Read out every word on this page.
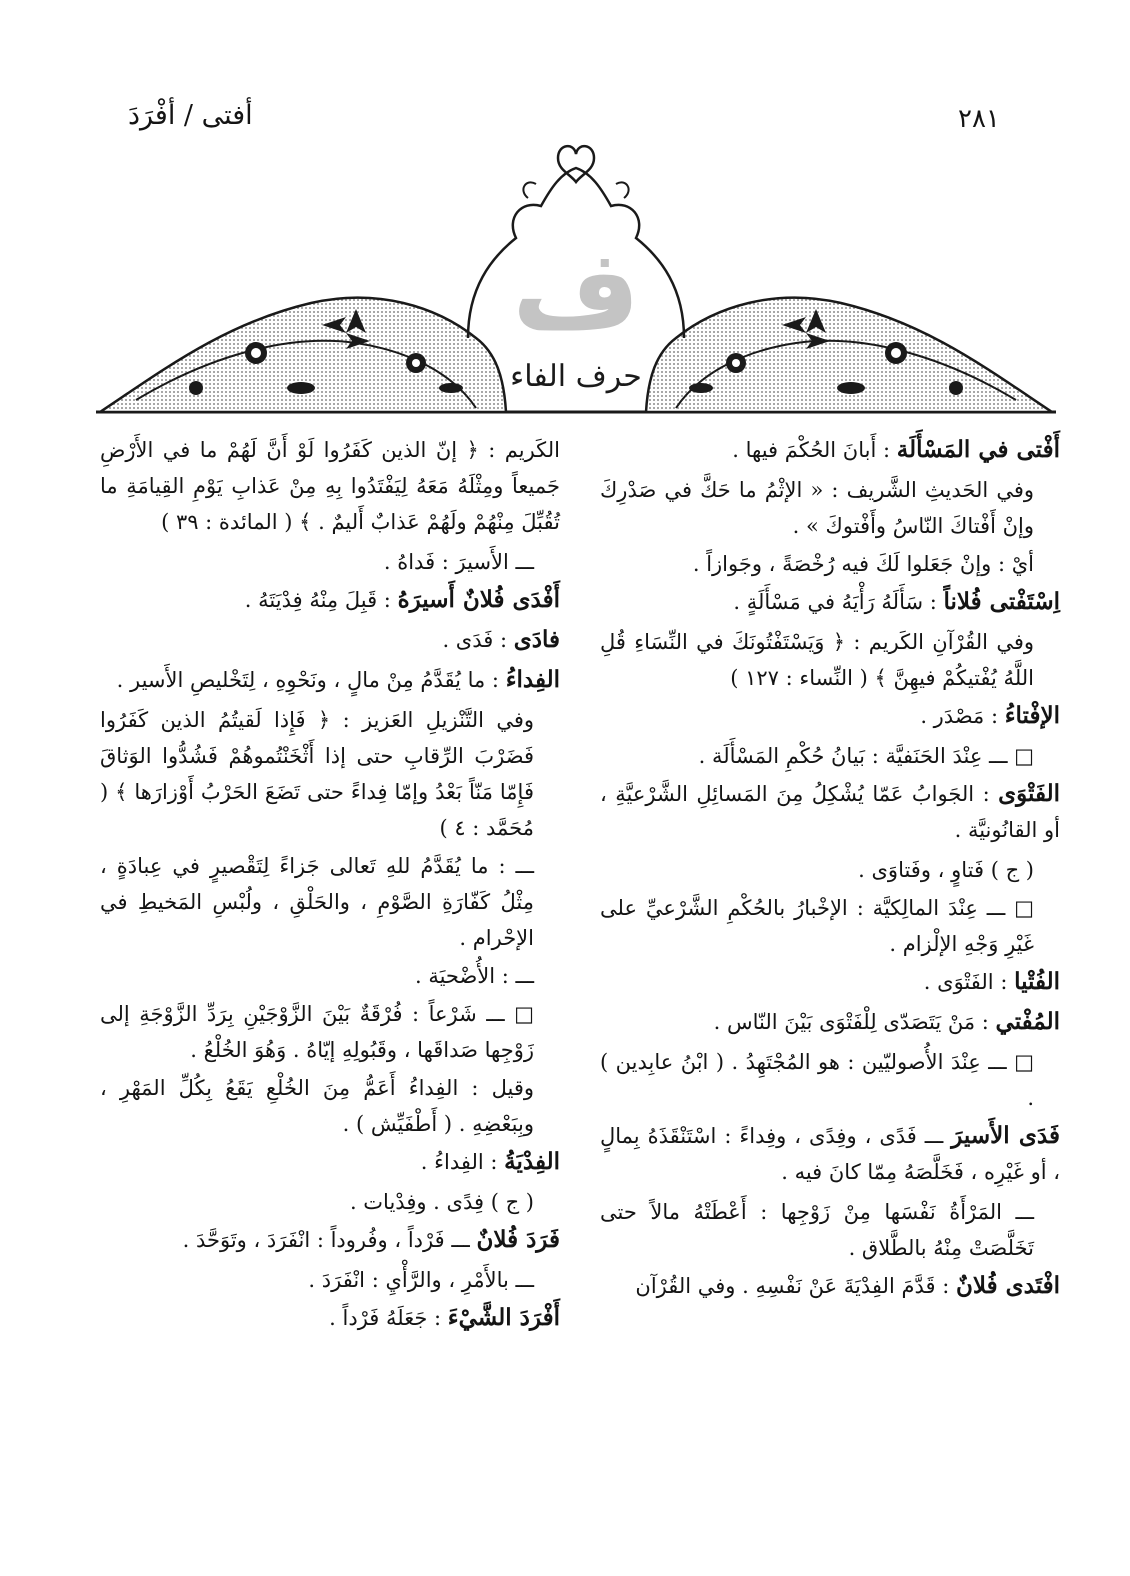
٢٨١
أفتى / أفْرَدَ
ف
حرف الفاء
أَفْتى في المَسْأَلَة : أَبانَ الحُكْمَ فيها .
وفي الحَديثِ الشَّريف : « الإثْمُ ما حَكَّ في صَدْرِكَ وإنْ أَفْتاكَ النّاسُ وأَفْتوكَ » .
أيْ : وإنْ جَعَلوا لَكَ فيه رُخْصَةً ، وجَوازاً .
اِسْتَفْتى فُلاناً : سَأَلَهُ رَأْيَهُ في مَسْأَلَةٍ .
وفي القُرْآنِ الكَريم : ﴿ وَيَسْتَفْتُونَكَ في النِّسَاءِ قُلِ اللَّهُ يُفْتيكُمْ فيهِنَّ ﴾ ( النِّساء : ١٢٧ )
الإفْتاءُ : مَصْدَر .
□ ـــ عِنْدَ الحَنَفيَّة : بَيانُ حُكْمِ المَسْأَلَة .
الفَتْوَى : الجَوابُ عَمّا يُشْكِلُ مِنَ المَسائِلِ الشَّرْعيَّةِ ، أو القانُونيَّة .
( ج ) فَتاوٍ ، وفَتاوَى .
□ ـــ عِنْدَ المالِكيَّة : الإخْبارُ بالحُكْمِ الشَّرْعيِّ على غَيْرِ وَجْهِ الإلْزام .
الفُتْيا : الفَتْوَى .
المُفْتي : مَنْ يَتَصَدّى لِلْفَتْوَى بَيْنَ النّاس .
□ ـــ عِنْدَ الأُصوليّين : هو المُجْتَهِدُ . ( ابْنُ عابِدين ) .
فَدَى الأَسيرَ ـــ فَدًى ، وفِدًى ، وفِداءً : اسْتَنْقَذَهُ بِمالٍ ، أو غَيْرِه ، فَخَلَّصَهُ مِمّا كانَ فيه .
ـــ المَرْأَةُ نَفْسَها مِنْ زَوْجِها : أَعْطَتْهُ مالاً حتى تَخَلَّصَتْ مِنْهُ بالطَّلاق .
افْتَدى فُلانٌ : قَدَّمَ الفِدْيَةَ عَنْ نَفْسِهِ . وفي القُرْآن
الكَريم : ﴿ إنّ الذين كَفَرُوا لَوْ أَنَّ لَهُمْ ما في الأَرْضِ جَميعاً ومِثْلَهُ مَعَهُ لِيَفْتَدُوا بِهِ مِنْ عَذابِ يَوْمِ القِيامَةِ ما تُقُبِّلَ مِنْهُمْ ولَهُمْ عَذابٌ أَليمٌ . ﴾ ( المائدة : ٣٩ )
ـــ الأَسيرَ : فَداهُ .
أَفْدَى فُلانٌ أَسيرَهُ : قَبِلَ مِنْهُ فِدْيَتَهُ .
فادَى : فَدَى .
الفِداءُ : ما يُقَدَّمُ مِنْ مالٍ ، ونَحْوِهِ ، لِتَخْليصِ الأَسير .
وفي التَّنْزيلِ العَزيز : ﴿ فَإِذا لَقيتُمُ الذين كَفَرُوا فَضَرْبَ الرِّقابِ حتى إذا أَثْخَنْتُموهُمْ فَشُدُّوا الوَثاقَ فَإِمّا مَنّاً بَعْدُ وإمّا فِداءً حتى تَضَعَ الحَرْبُ أَوْزارَها ﴾ ( مُحَمَّد : ٤ )
ـــ : ما يُقَدَّمُ للهِ تَعالى جَزاءً لِتَقْصيرٍ في عِبادَةٍ ، مِثْلُ كَفّارَةِ الصَّوْمِ ، والحَلْقِ ، ولُبْسِ المَخيطِ في الإحْرام .
ـــ : الأُضْحيَة .
□ ـــ شَرْعاً : فُرْقَةٌ بَيْنَ الزَّوْجَيْنِ بِرَدِّ الزَّوْجَةِ إلى زَوْجِها صَداقَها ، وقَبُولِهِ إيّاهُ . وَهُوَ الخُلْعُ .
وقيل : الفِداءُ أَعَمُّ مِنَ الخُلْعِ يَقَعُ بِكُلِّ المَهْرِ ، وبِبَعْضِهِ . ( أَطْفَيِّش ) .
الفِدْيَةُ : الفِداءُ .
( ج ) فِدًى . وفِدْيات .
فَرَدَ فُلانٌ ـــ فَرْداً ، وفُروداً : انْفَرَدَ ، وتَوَحَّدَ .
ـــ بالأَمْرِ ، والرَّأْيِ : انْفَرَدَ .
أَفْرَدَ الشَّيْءَ : جَعَلَهُ فَرْداً .
